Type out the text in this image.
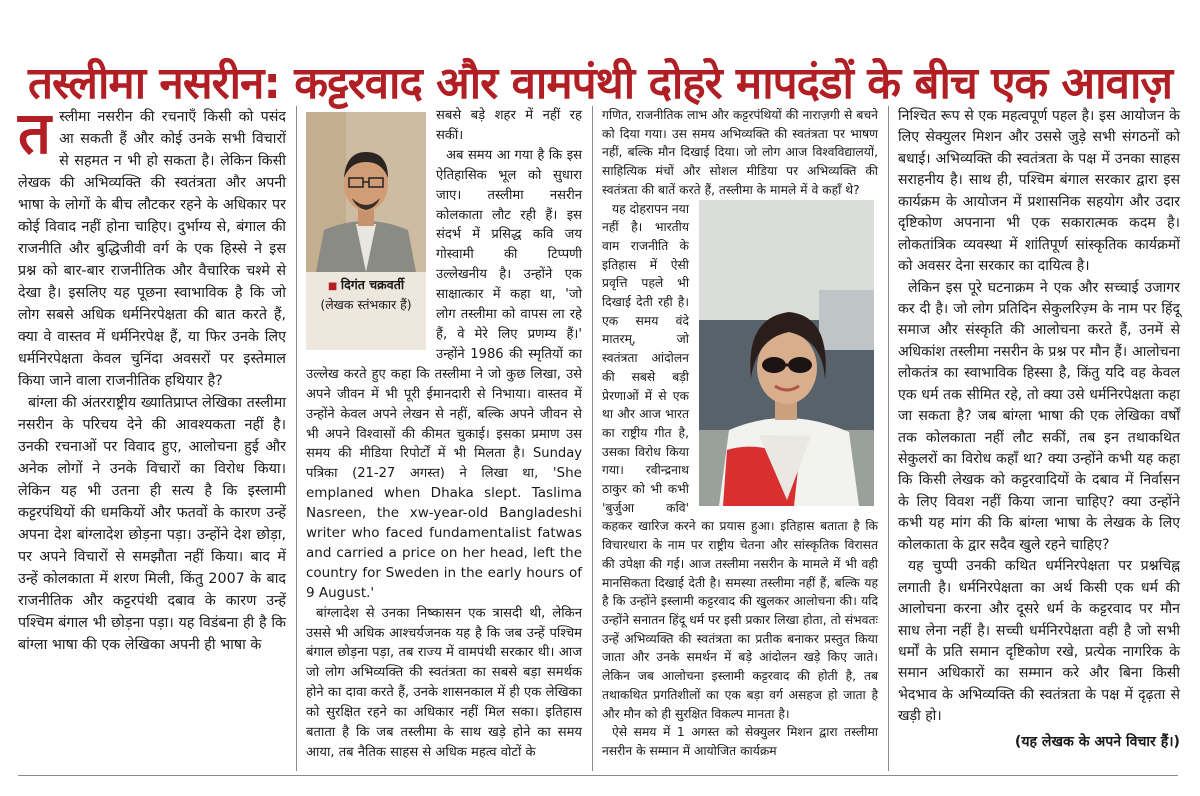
तस्लीमा नसरीन: कट्टरवाद और वामपंथी दोहरे मापदंडों के बीच एक आवाज़

तस्लीमा नसरीन की रचनाएँ किसी को पसंद आ सकती हैं और कोई उनके सभी विचारों से सहमत न भी हो सकता है। लेकिन किसी लेखक की अभिव्यक्ति की स्वतंत्रता और अपनी भाषा के लोगों के बीच लौटकर रहने के अधिकार पर कोई विवाद नहीं होना चाहिए। दुर्भाग्य से, बंगाल की राजनीति और बुद्धिजीवी वर्ग के एक हिस्से ने इस प्रश्न को बार-बार राजनीतिक और वैचारिक चश्मे से देखा है। इसलिए यह पूछना स्वाभाविक है कि जो लोग सबसे अधिक धर्मनिरपेक्षता की बात करते हैं, क्या वे वास्तव में धर्मनिरपेक्ष हैं, या फिर उनके लिए धर्मनिरपेक्षता केवल चुनिंदा अवसरों पर इस्तेमाल किया जाने वाला राजनीतिक हथियार है?

बांग्ला की अंतरराष्ट्रीय ख्यातिप्राप्त लेखिका तस्लीमा नसरीन के परिचय देने की आवश्यकता नहीं है। उनकी रचनाओं पर विवाद हुए, आलोचना हुई और अनेक लोगों ने उनके विचारों का विरोध किया। लेकिन यह भी उतना ही सत्य है कि इस्लामी कट्टरपंथियों की धमकियों और फतवों के कारण उन्हें अपना देश बांग्लादेश छोड़ना पड़ा। उन्होंने देश छोड़ा, पर अपने विचारों से समझौता नहीं किया। बाद में उन्हें कोलकाता में शरण मिली, किंतु 2007 के बाद राजनीतिक और कट्टरपंथी दबाव के कारण उन्हें पश्चिम बंगाल भी छोड़ना पड़ा। यह विडंबना ही है कि बांग्ला भाषा की एक लेखिका अपनी ही भाषा के

■ दिगंत चक्रवर्ती
(लेखक स्तंभकार हैं)

सबसे बड़े शहर में नहीं रह सकीं।

अब समय आ गया है कि इस ऐतिहासिक भूल को सुधारा जाए। तस्लीमा नसरीन कोलकाता लौट रही हैं। इस संदर्भ में प्रसिद्ध कवि जय गोस्वामी की टिप्पणी उल्लेखनीय है। उन्होंने एक साक्षात्कार में कहा था, 'जो लोग तस्लीमा को वापस ला रहे हैं, वे मेरे लिए प्रणम्य हैं।' उन्होंने 1986 की स्मृतियों का उल्लेख करते हुए कहा कि तस्लीमा ने जो कुछ लिखा, उसे अपने जीवन में भी पूरी ईमानदारी से निभाया। वास्तव में उन्होंने केवल अपने लेखन से नहीं, बल्कि अपने जीवन से भी अपने विश्वासों की कीमत चुकाई। इसका प्रमाण उस समय की मीडिया रिपोर्टों में भी मिलता है। Sunday पत्रिका (21-27 अगस्त) ने लिखा था, 'She emplaned when Dhaka slept. Taslima Nasreen, the xw-year-old Bangladeshi writer who faced fundamentalist fatwas and carried a price on her head, left the country for Sweden in the early hours of 9 August.'

बांग्लादेश से उनका निष्कासन एक त्रासदी थी, लेकिन उससे भी अधिक आश्चर्यजनक यह है कि जब उन्हें पश्चिम बंगाल छोड़ना पड़ा, तब राज्य में वामपंथी सरकार थी। आज जो लोग अभिव्यक्ति की स्वतंत्रता का सबसे बड़ा समर्थक होने का दावा करते हैं, उनके शासनकाल में ही एक लेखिका को सुरक्षित रहने का अधिकार नहीं मिल सका। इतिहास बताता है कि जब तस्लीमा के साथ खड़े होने का समय आया, तब नैतिक साहस से अधिक महत्व वोटों के

गणित, राजनीतिक लाभ और कट्टरपंथियों की नाराज़गी से बचने को दिया गया। उस समय अभिव्यक्ति की स्वतंत्रता पर भाषण नहीं, बल्कि मौन दिखाई दिया। जो लोग आज विश्वविद्यालयों, साहित्यिक मंचों और सोशल मीडिया पर अभिव्यक्ति की स्वतंत्रता की बातें करते हैं, तस्लीमा के मामले में वे कहाँ थे?

यह दोहरापन नया नहीं है। भारतीय वाम राजनीति के इतिहास में ऐसी प्रवृत्ति पहले भी दिखाई देती रही है। एक समय वंदे मातरम्, जो स्वतंत्रता आंदोलन की सबसे बड़ी प्रेरणाओं में से एक था और आज भारत का राष्ट्रीय गीत है, उसका विरोध किया गया। रवीन्द्रनाथ ठाकुर को भी कभी 'बुर्जुआ कवि' कहकर खारिज करने का प्रयास हुआ। इतिहास बताता है कि विचारधारा के नाम पर राष्ट्रीय चेतना और सांस्कृतिक विरासत की उपेक्षा की गई। आज तस्लीमा नसरीन के मामले में भी वही मानसिकता दिखाई देती है। समस्या तस्लीमा नहीं हैं, बल्कि यह है कि उन्होंने इस्लामी कट्टरवाद की खुलकर आलोचना की। यदि उन्होंने सनातन हिंदू धर्म पर इसी प्रकार लिखा होता, तो संभवतः उन्हें अभिव्यक्ति की स्वतंत्रता का प्रतीक बनाकर प्रस्तुत किया जाता और उनके समर्थन में बड़े आंदोलन खड़े किए जाते। लेकिन जब आलोचना इस्लामी कट्टरवाद की होती है, तब तथाकथित प्रगतिशीलों का एक बड़ा वर्ग असहज हो जाता है और मौन को ही सुरक्षित विकल्प मानता है।

ऐसे समय में 1 अगस्त को सेक्युलर मिशन द्वारा तस्लीमा नसरीन के सम्मान में आयोजित कार्यक्रम

निश्चित रूप से एक महत्वपूर्ण पहल है। इस आयोजन के लिए सेक्युलर मिशन और उससे जुड़े सभी संगठनों को बधाई। अभिव्यक्ति की स्वतंत्रता के पक्ष में उनका साहस सराहनीय है। साथ ही, पश्चिम बंगाल सरकार द्वारा इस कार्यक्रम के आयोजन में प्रशासनिक सहयोग और उदार दृष्टिकोण अपनाना भी एक सकारात्मक कदम है। लोकतांत्रिक व्यवस्था में शांतिपूर्ण सांस्कृतिक कार्यक्रमों को अवसर देना सरकार का दायित्व है।

लेकिन इस पूरे घटनाक्रम ने एक और सच्चाई उजागर कर दी है। जो लोग प्रतिदिन सेकुलरिज़्म के नाम पर हिंदू समाज और संस्कृति की आलोचना करते हैं, उनमें से अधिकांश तस्लीमा नसरीन के प्रश्न पर मौन हैं। आलोचना लोकतंत्र का स्वाभाविक हिस्सा है, किंतु यदि वह केवल एक धर्म तक सीमित रहे, तो क्या उसे धर्मनिरपेक्षता कहा जा सकता है? जब बांग्ला भाषा की एक लेखिका वर्षों तक कोलकाता नहीं लौट सकीं, तब इन तथाकथित सेकुलरों का विरोध कहाँ था? क्या उन्होंने कभी यह कहा कि किसी लेखक को कट्टरवादियों के दबाव में निर्वासन के लिए विवश नहीं किया जाना चाहिए? क्या उन्होंने कभी यह मांग की कि बांग्ला भाषा के लेखक के लिए कोलकाता के द्वार सदैव खुले रहने चाहिए?

यह चुप्पी उनकी कथित धर्मनिरपेक्षता पर प्रश्नचिह्न लगाती है। धर्मनिरपेक्षता का अर्थ किसी एक धर्म की आलोचना करना और दूसरे धर्म के कट्टरवाद पर मौन साध लेना नहीं है। सच्ची धर्मनिरपेक्षता वही है जो सभी धर्मों के प्रति समान दृष्टिकोण रखे, प्रत्येक नागरिक के समान अधिकारों का सम्मान करे और बिना किसी भेदभाव के अभिव्यक्ति की स्वतंत्रता के पक्ष में दृढ़ता से खड़ी हो।

(यह लेखक के अपने विचार हैं।)
